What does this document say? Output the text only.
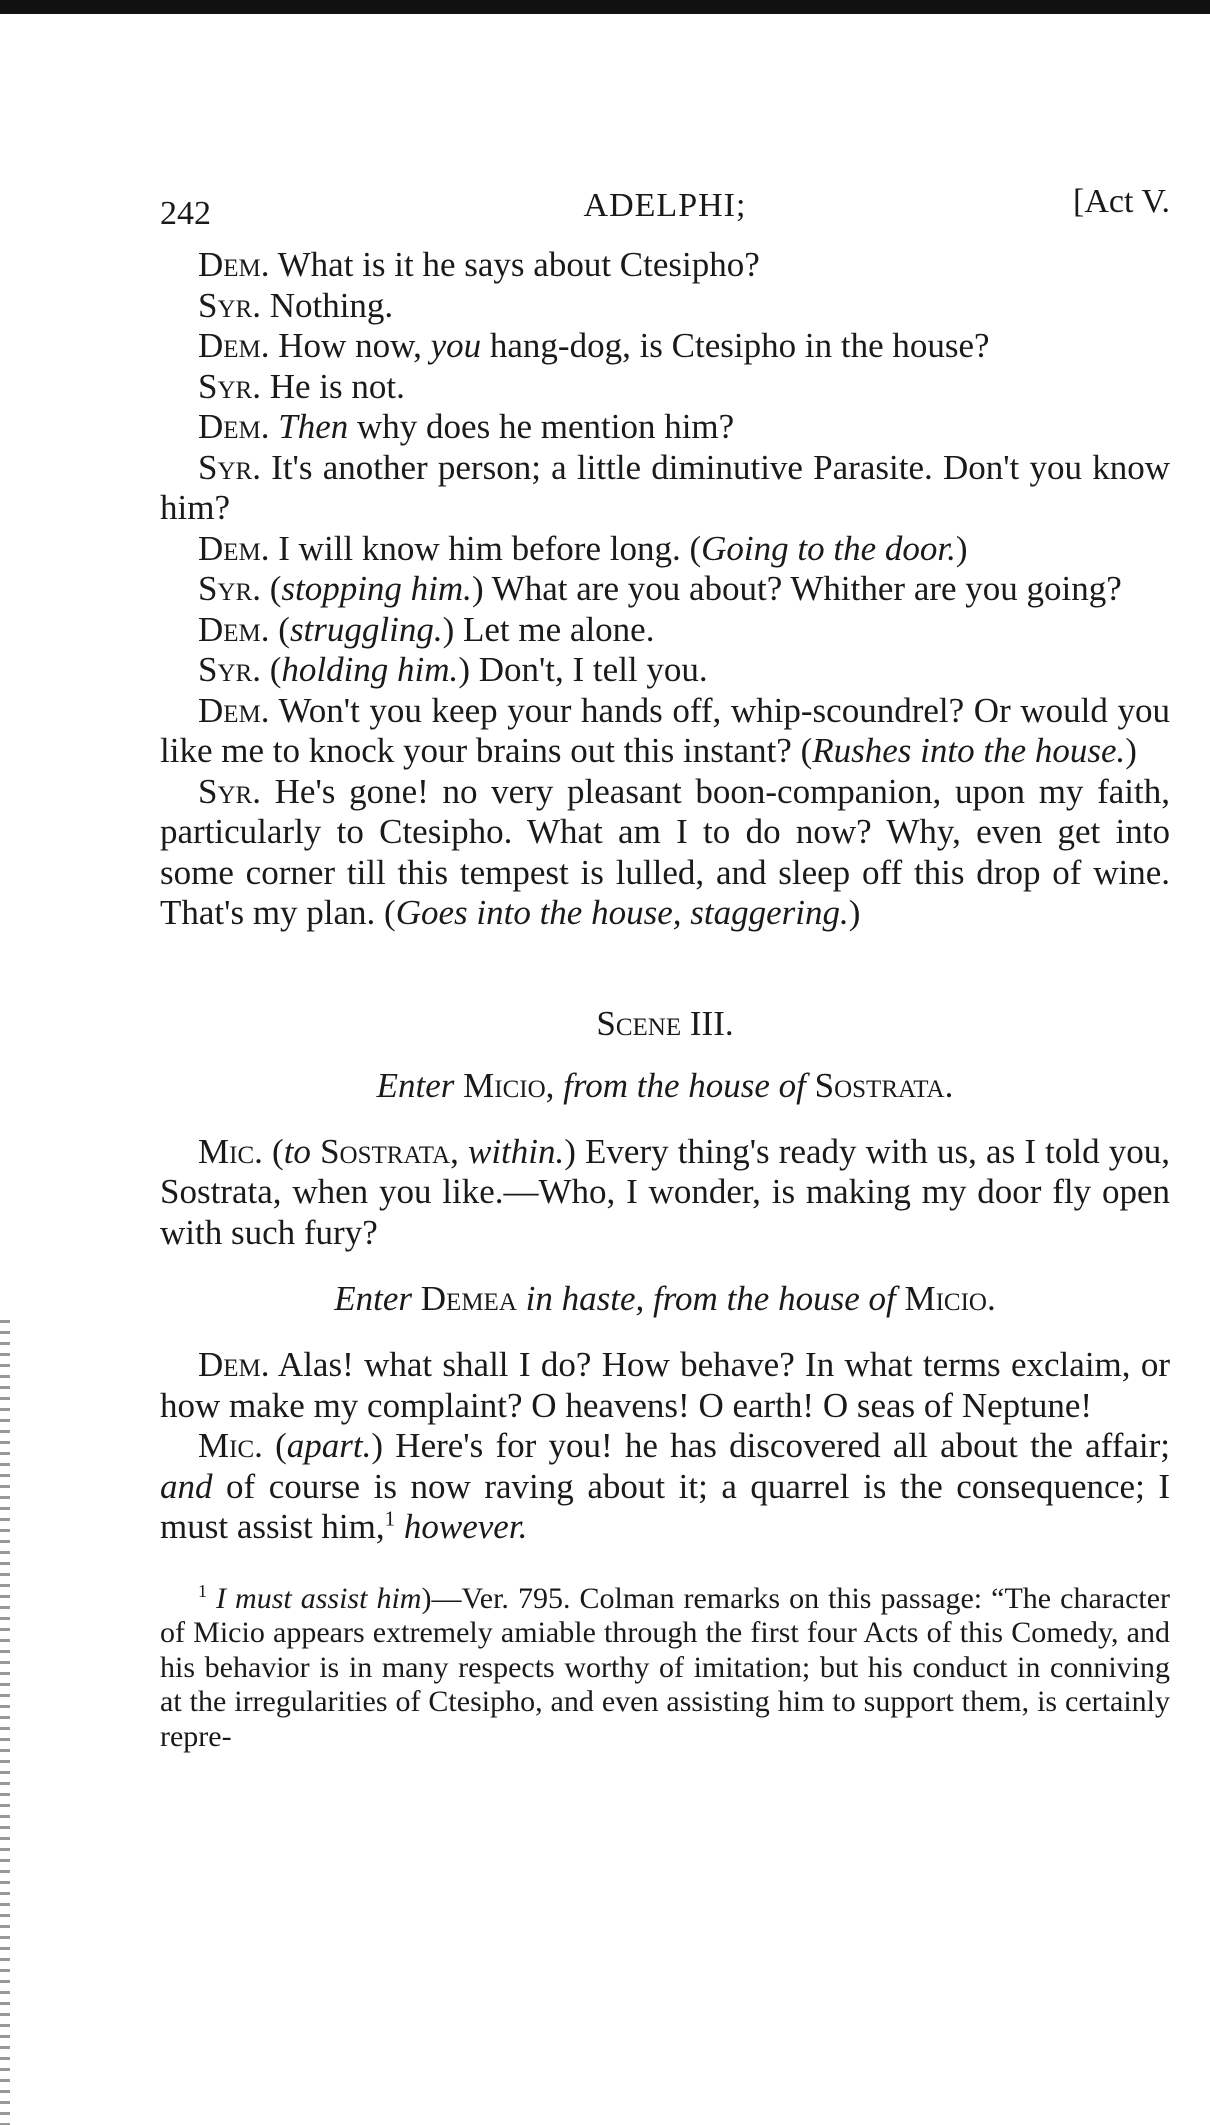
242	ADELPHI;	[Act V.

Dem. What is it he says about Ctesipho?

Syr. Nothing.

Dem. How now, you hang-dog, is Ctesipho in the house?

Syr. He is not.

Dem. Then why does he mention him?

Syr. It's another person; a little diminutive Parasite. Don't you know him?

Dem. I will know him before long. (Going to the door.)

Syr. (stopping him.) What are you about? Whither are you going?

Dem. (struggling.) Let me alone.

Syr. (holding him.) Don't, I tell you.

Dem. Won't you keep your hands off, whip-scoundrel? Or would you like me to knock your brains out this instant? (Rushes into the house.)

Syr. He's gone! no very pleasant boon-companion, upon my faith, particularly to Ctesipho. What am I to do now? Why, even get into some corner till this tempest is lulled, and sleep off this drop of wine. That's my plan. (Goes into the house, staggering.)

Scene III.
Enter Micio, from the house of Sostrata.

Mic. (to Sostrata, within.) Every thing's ready with us, as I told you, Sostrata, when you like.—Who, I wonder, is making my door fly open with such fury?

Enter Demea in haste, from the house of Micio.

Dem. Alas! what shall I do? How behave? In what terms exclaim, or how make my complaint? O heavens! O earth! O seas of Neptune!

Mic. (apart.) Here's for you! he has discovered all about the affair; and of course is now raving about it; a quarrel is the consequence; I must assist him,$^1$ however.

$^1$ I must assist him)—Ver. 795. Colman remarks on this passage: “The character of Micio appears extremely amiable through the first four Acts of this Comedy, and his behavior is in many respects worthy of imitation; but his conduct in conniving at the irregularities of Ctesipho, and even assisting him to support them, is certainly repre-
